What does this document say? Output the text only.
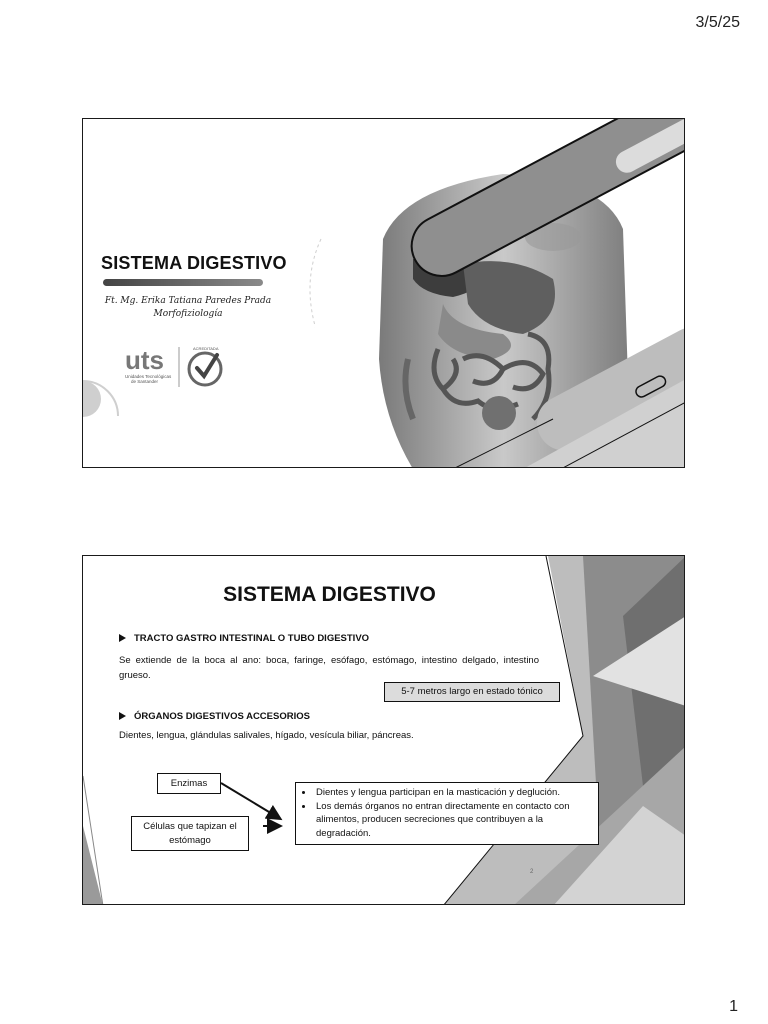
3/5/25
SISTEMA DIGESTIVO
Ft. Mg. Erika Tatiana Paredes Prada
Morfofiziología
uts
Unidades Tecnológicas
de Santander
ACREDITADA
SISTEMA DIGESTIVO
TRACTO GASTRO INTESTINAL O TUBO DIGESTIVO
Se extiende de la boca al ano: boca, faringe, esófago, estómago, intestino delgado, intestino grueso.
5-7 metros largo en estado tónico
ÓRGANOS DIGESTIVOS ACCESORIOS
Dientes, lengua, glándulas salivales, hígado, vesícula biliar, páncreas.
Enzimas
Células que tapizan el estómago
• Dientes y lengua participan en la masticación y deglución.
• Los demás órganos no entran directamente en contacto con alimentos, producen secreciones que contribuyen a la degradación.
2
1
